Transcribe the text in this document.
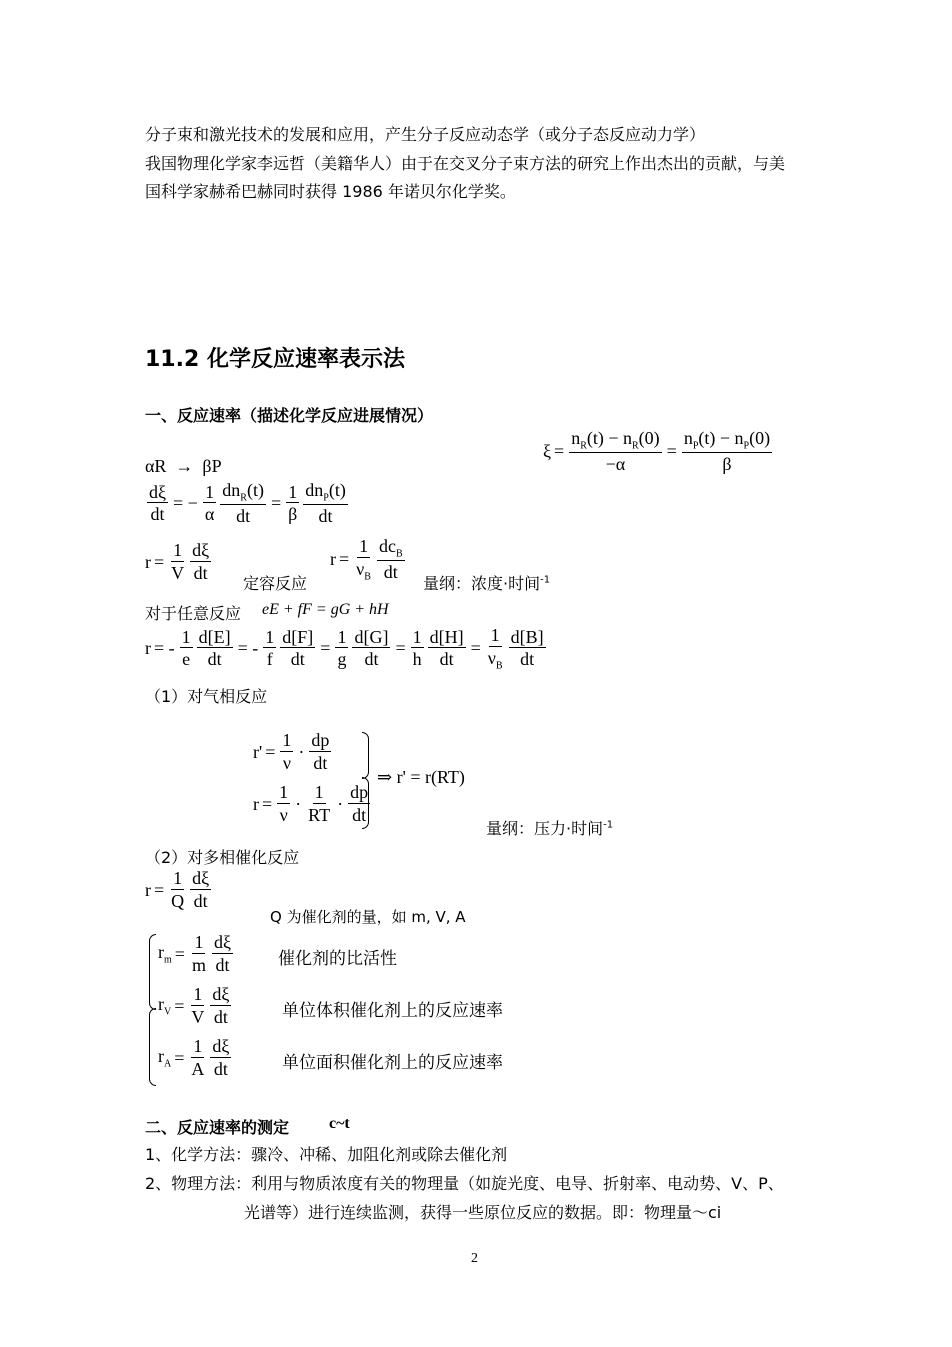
分子束和激光技术的发展和应用，产生分子反应动态学（或分子态反应动力学）
我国物理化学家李远哲（美籍华人）由于在交叉分子束方法的研究上作出杰出的贡献，与美
国科学家赫希巴赫同时获得 1986 年诺贝尔化学奖。
11.2 化学反应速率表示法
一、反应速率（描述化学反应进展情况）
$\xi = \frac{n_R(t) - n_R(0)}{-\alpha} = \frac{n_P(t) - n_P(0)}{\beta}$
αR  →  βP
$\frac{d\xi}{dt}$ = − $\frac{1}{\alpha} \frac{dn_R(t)}{dt} = \frac{1}{\beta} \frac{dn_P(t)}{dt}$
$r = \frac{1}{V} \frac{d\xi}{dt}$ 定容反应
$r = \frac{1}{\nu_B} \frac{dc_B}{dt}$ 量纲：浓度·时间$^{-1}$
对于任意反应 eE + fF = gG + hH
r = - $\frac{1}{e} \frac{d[E]}{dt}$ = - $\frac{1}{f} \frac{d[F]}{dt} = \frac{1}{g} \frac{d[G]}{dt} = \frac{1}{h} \frac{d[H]}{dt} = \frac{1}{\nu_B} \frac{d[B]}{dt}$
（1）对气相反应
$r' = \frac{1}{\nu} \cdot \frac{dp}{dt}$
$r = \frac{1}{\nu} \cdot \frac{1}{RT} \cdot \frac{dp}{dt}$
⇒ r' = r(RT)
量纲：压力·时间$^{-1}$
（2）对多相催化反应
$r = \frac{1}{Q} \frac{d\xi}{dt}$
Q 为催化剂的量，如 m, V, A
$r_m = \frac{1}{m} \frac{d\xi}{dt}$	催化剂的比活性
$r_V = \frac{1}{V} \frac{d\xi}{dt}$	单位体积催化剂上的反应速率
$r_A = \frac{1}{A} \frac{d\xi}{dt}$	单位面积催化剂上的反应速率
二、反应速率的测定 c~t
1、化学方法：骤冷、冲稀、加阻化剂或除去催化剂
2、物理方法：利用与物质浓度有关的物理量（如旋光度、电导、折射率、电动势、V、P、
光谱等）进行连续监测，获得一些原位反应的数据。即：物理量～ci
2
